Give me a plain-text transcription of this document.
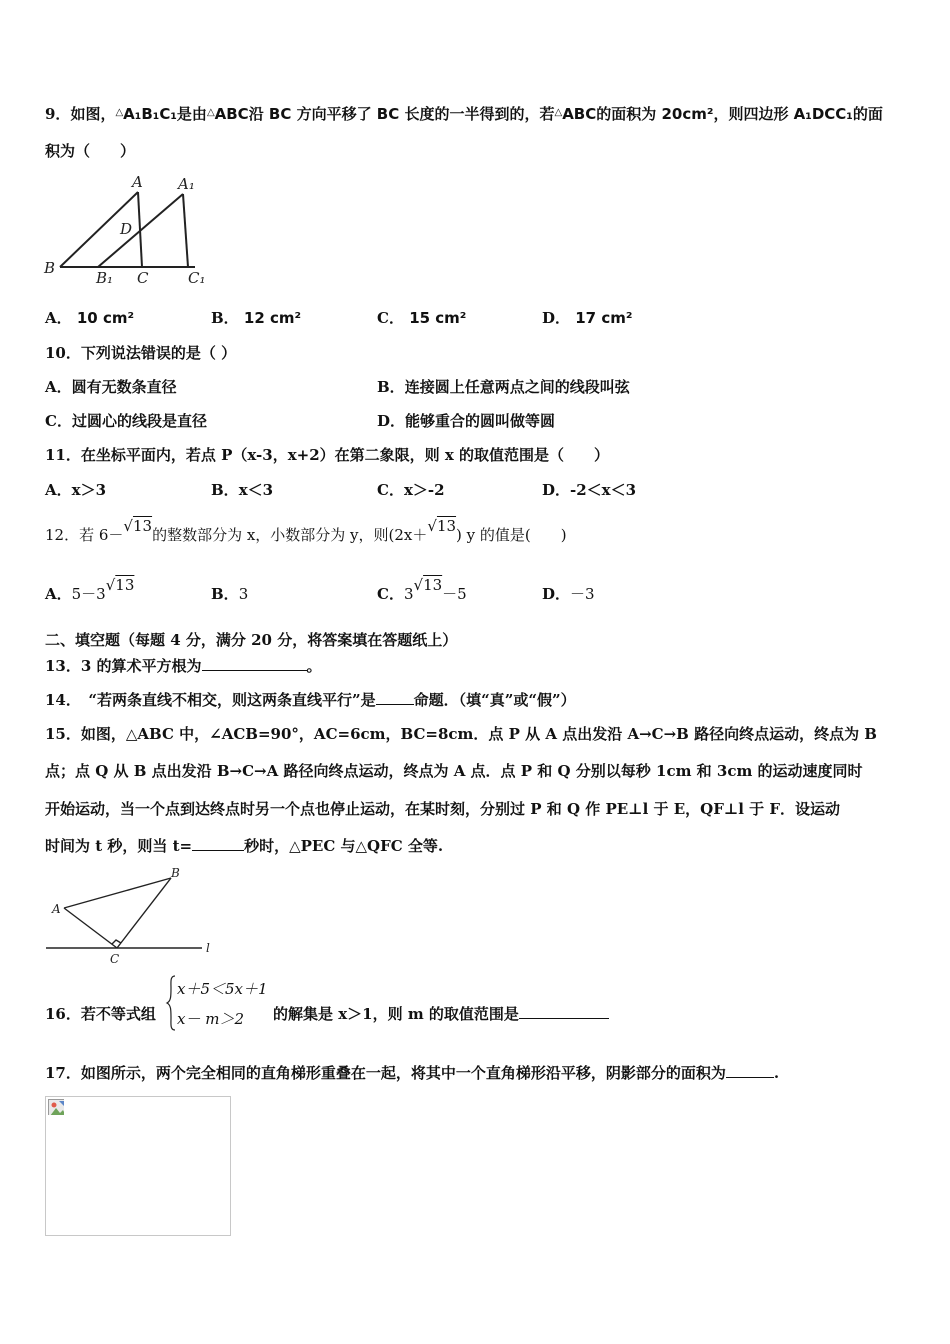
9．如图，△A₁B₁C₁是由△ABC沿 BC 方向平移了 BC 长度的一半得到的，若△ABC的面积为 20cm²，则四边形 A₁DCC₁的面
积为（　　）
A A₁
D
B
B₁ C	C₁
A． 10 cm²	B． 12 cm²	C． 15 cm²	D． 17 cm²
10．下列说法错误的是（ ）
A．圆有无数条直径	B．连接圆上任意两点之间的线段叫弦
C．过圆心的线段是直径	D．能够重合的圆叫做等圆
11．在坐标平面内，若点 P（x-3，x+2）在第二象限，则 x 的取值范围是（　　）
A．x＞3	B．x＜3	C．x＞-2	D．-2＜x＜3
12．若 6－√13的整数部分为 x，小数部分为 y，则(2x＋√13) y 的值是(　　)
A．5－3√13	B．3	C．3√13－5	D．－3
二、填空题（每题 4 分，满分 20 分，将答案填在答题纸上）
13．3 的算术平方根为	。
14．　“若两条直线不相交，则这两条直线平行”是	命题．（填“真”或“假”）
15．如图，△ABC 中，∠ACB=90°，AC=6cm，BC=8cm．点 P 从 A 点出发沿 A→C→B 路径向终点运动，终点为 B
点；点 Q 从 B 点出发沿 B→C→A 路径向终点运动，终点为 A 点．点 P 和 Q 分别以每秒 1cm 和 3cm 的运动速度同时
开始运动，当一个点到达终点时另一个点也停止运动，在某时刻，分别过 P 和 Q 作 PE⊥l 于 E，QF⊥l 于 F．设运动
时间为 t 秒，则当 t=	秒时，△PEC 与△QFC 全等.
A
B
C
l
16．若不等式组
x＋5＜5x＋1
x－ m＞2 的解集是 x＞1，则 m 的取值范围是
17．如图所示，两个完全相同的直角梯形重叠在一起，将其中一个直角梯形沿平移，阴影部分的面积为	.
